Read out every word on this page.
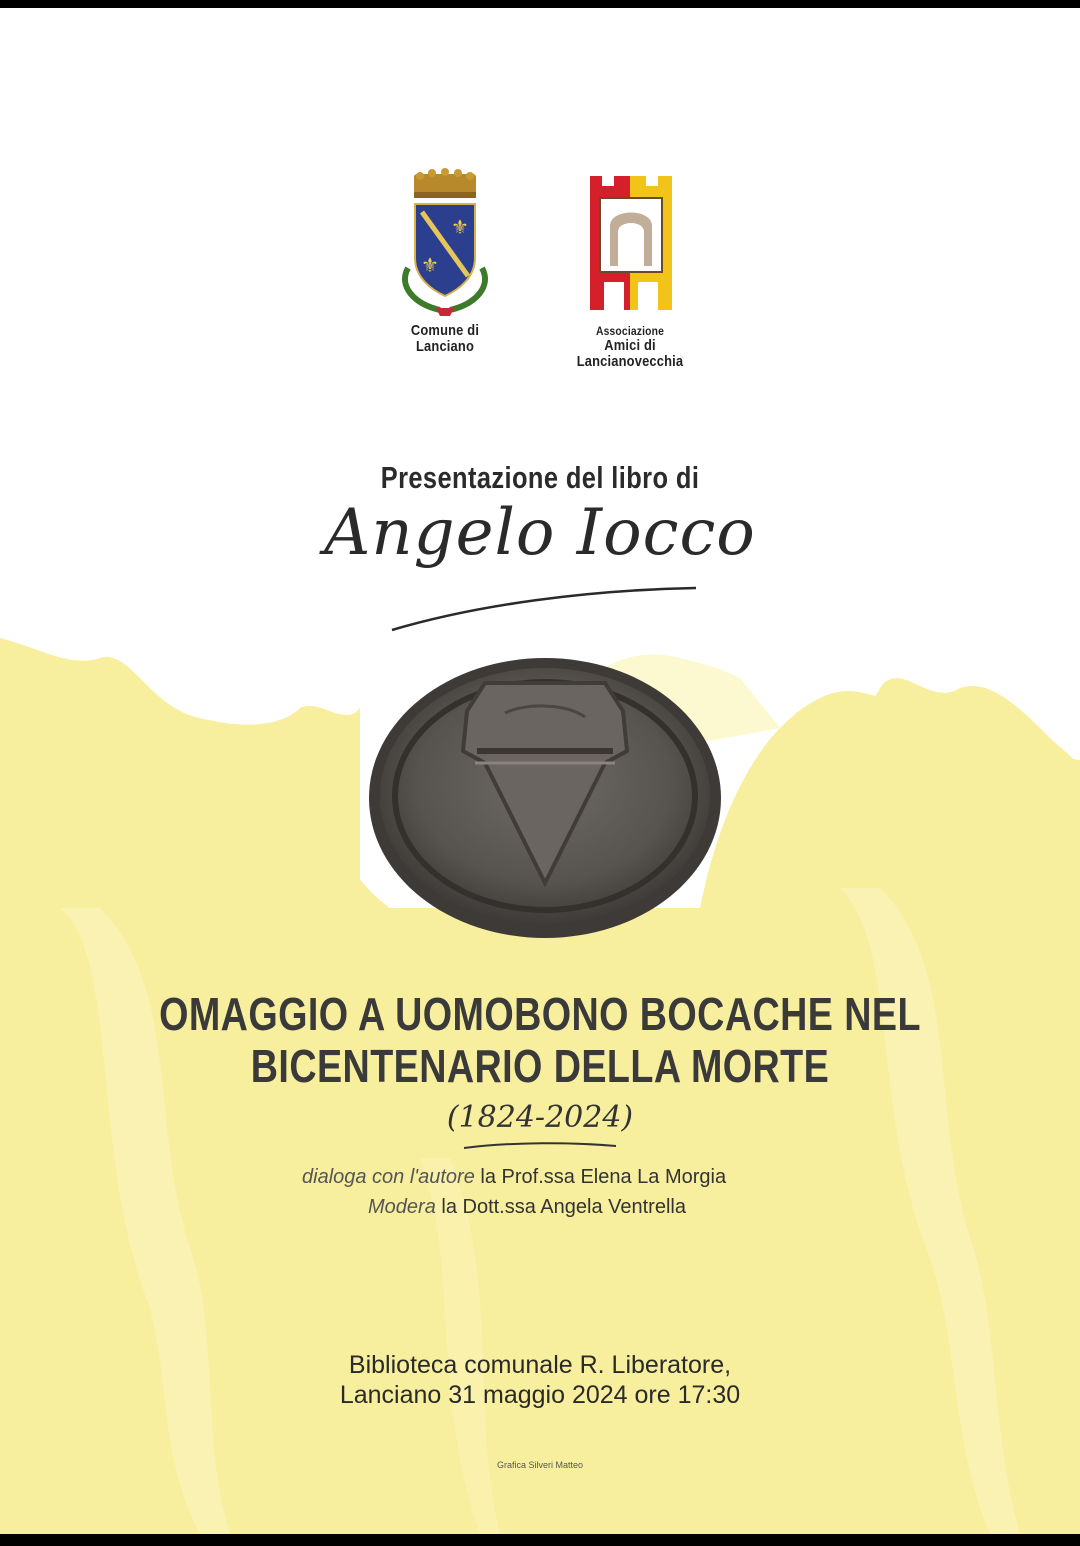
⚜
⚜
Comune di Lanciano
Associazione
Amici di Lancianovecchia
Presentazione del libro di
Angelo Iocco
OMAGGIO A UOMOBONO BOCACHE NEL
BICENTENARIO DELLA MORTE
(1824-2024)
dialoga con l'autore la Prof.ssa Elena La Morgia
Modera la Dott.ssa Angela Ventrella
Biblioteca comunale R. Liberatore,
Lanciano 31 maggio 2024 ore 17:30
Grafica Silveri Matteo
